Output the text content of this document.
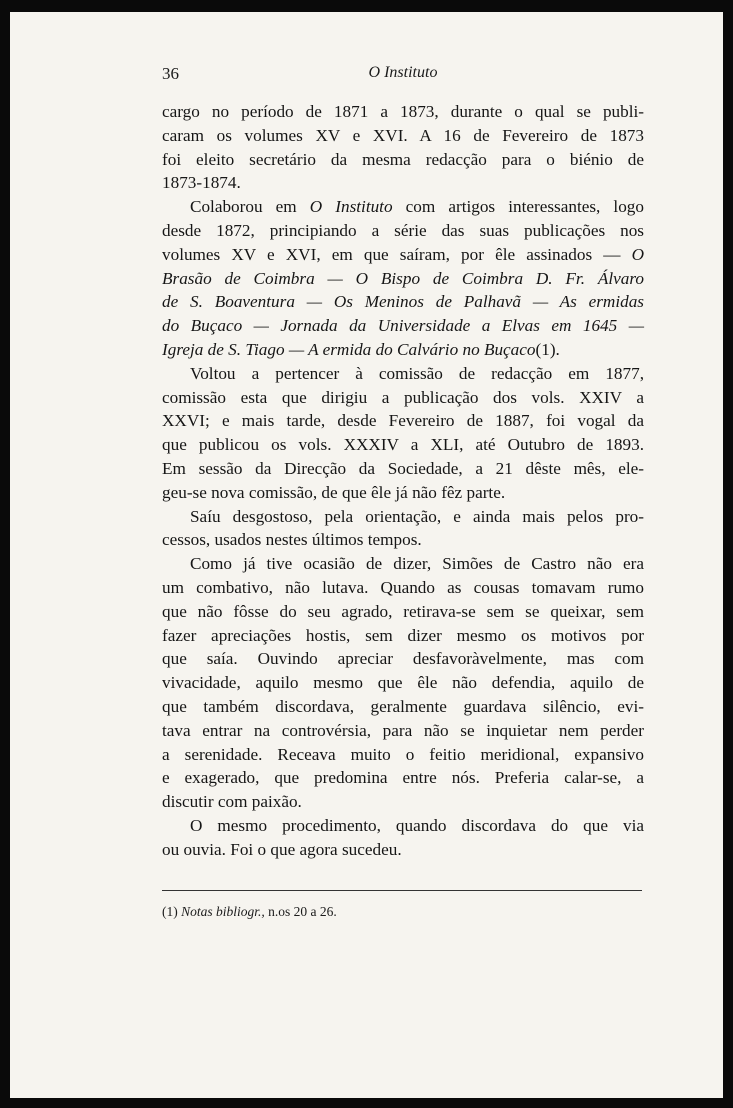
36	O Instituto
cargo no período de 1871 a 1873, durante o qual se publi-
caram os volumes XV e XVI. A 16 de Fevereiro de 1873
foi eleito secretário da mesma redacção para o biénio de
1873-1874.
Colaborou em O Instituto com artigos interessantes, logo
desde 1872, principiando a série das suas publicações nos
volumes XV e XVI, em que saíram, por êle assinados — O
Brasão de Coimbra — O Bispo de Coimbra D. Fr. Álvaro
de S. Boaventura — Os Meninos de Palhavã — As ermidas
do Buçaco — Jornada da Universidade a Elvas em 1645 —
Igreja de S. Tiago — A ermida do Calvário no Buçaco(1).
Voltou a pertencer à comissão de redacção em 1877,
comissão esta que dirigiu a publicação dos vols. XXIV a
XXVI; e mais tarde, desde Fevereiro de 1887, foi vogal da
que publicou os vols. XXXIV a XLI, até Outubro de 1893.
Em sessão da Direcção da Sociedade, a 21 dêste mês, ele-
geu-se nova comissão, de que êle já não fêz parte.
Saíu desgostoso, pela orientação, e ainda mais pelos pro-
cessos, usados nestes últimos tempos.
Como já tive ocasião de dizer, Simões de Castro não era
um combativo, não lutava. Quando as cousas tomavam rumo
que não fôsse do seu agrado, retirava-se sem se queixar, sem
fazer apreciações hostis, sem dizer mesmo os motivos por
que saía. Ouvindo apreciar desfavoràvelmente, mas com
vivacidade, aquilo mesmo que êle não defendia, aquilo de
que também discordava, geralmente guardava silêncio, evi-
tava entrar na controvérsia, para não se inquietar nem perder
a serenidade. Receava muito o feitio meridional, expansivo
e exagerado, que predomina entre nós. Preferia calar-se, a
discutir com paixão.
O mesmo procedimento, quando discordava do que via
ou ouvia. Foi o que agora sucedeu.
(1) Notas bibliogr., n.os 20 a 26.
